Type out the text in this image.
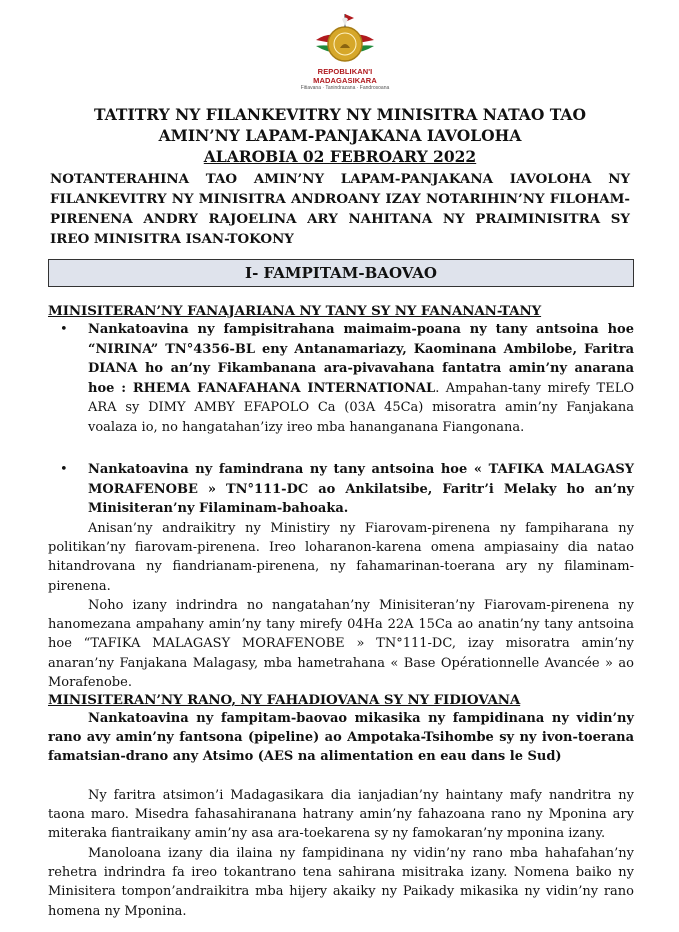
REPOBLIKAN'I MADAGASIKARA
Fitiavana · Tanindrazana · Fandrosoana
TATITRY NY FILANKEVITRY NY MINISITRA NATAO TAO
AMIN’NY LAPAM-PANJAKANA IAVOLOHA
ALAROBIA 02 FEBROARY 2022
NOTANTERAHINA TAO AMIN’NY LAPAM-PANJAKANA IAVOLOHA NY FILANKEVITRY NY MINISITRA ANDROANY IZAY NOTARIHIN’NY FILOHAM-PIRENENA ANDRY RAJOELINA ARY NAHITANA NY PRAIMINISITRA SY IREO MINISITRA ISAN-TOKONY
I- FAMPITAM-BAOVAO
MINISITERAN’NY FANAJARIANA NY TANY SY NY FANANAN-TANY
• Nankatoavina ny fampisitrahana maimaim-poana ny tany antsoina hoe “NIRINA” TN°4356-BL eny Antanamariazy, Kaominana Ambilobe, Faritra DIANA ho an’ny Fikambanana ara-pivavahana fantatra amin’ny anarana hoe : RHEMA FANAFAHANA INTERNATIONAL. Ampahan-tany mirefy TELO ARA sy DIMY AMBY EFAPOLO Ca (03A 45Ca) misoratra amin’ny Fanjakana voalaza io, no hangatahan’izy ireo mba hananganana Fiangonana.
• Nankatoavina ny famindrana ny tany antsoina hoe « TAFIKA MALAGASY MORAFENOBE » TN°111-DC ao Ankilatsibe, Faritr’i Melaky ho an’ny Minisiteran’ny Filaminam-bahoaka.
Anisan’ny andraikitry ny Ministiry ny Fiarovam-pirenena ny fampiharana ny politikan’ny fiarovam-pirenena. Ireo loharanon-karena omena ampiasainy dia natao hitandrovana ny fiandrianam-pirenena, ny fahamarinan-toerana ary ny filaminam-pirenena.
Noho izany indrindra no nangatahan’ny Minisiteran’ny Fiarovam-pirenena ny hanomezana ampahany amin’ny tany mirefy 04Ha 22A 15Ca ao anatin’ny tany antsoina hoe “TAFIKA MALAGASY MORAFENOBE » TN°111-DC, izay misoratra amin’ny anaran’ny Fanjakana Malagasy, mba hametrahana « Base Opérationnelle Avancée » ao Morafenobe.
MINISITERAN’NY RANO, NY FAHADIOVANA SY NY FIDIOVANA
Nankatoavina ny fampitam-baovao mikasika ny fampidinana ny vidin’ny rano avy amin’ny fantsona (pipeline) ao Ampotaka-Tsihombe sy ny ivon-toerana famatsian-drano any Atsimo (AES na alimentation en eau dans le Sud)
Ny faritra atsimon’i Madagasikara dia ianjadian’ny haintany mafy nandritra ny taona maro. Misedra fahasahiranana hatrany amin’ny fahazoana rano ny Mponina ary miteraka fiantraikany amin’ny asa ara-toekarena sy ny famokaran’ny mponina izany.
Manoloana izany dia ilaina ny fampidinana ny vidin’ny rano mba hahafahan’ny rehetra indrindra fa ireo tokantrano tena sahirana misitraka izany. Nomena baiko ny Minisitera tompon’andraikitra mba hijery akaiky ny Paikady mikasika ny vidin’ny rano homena ny Mponina.
